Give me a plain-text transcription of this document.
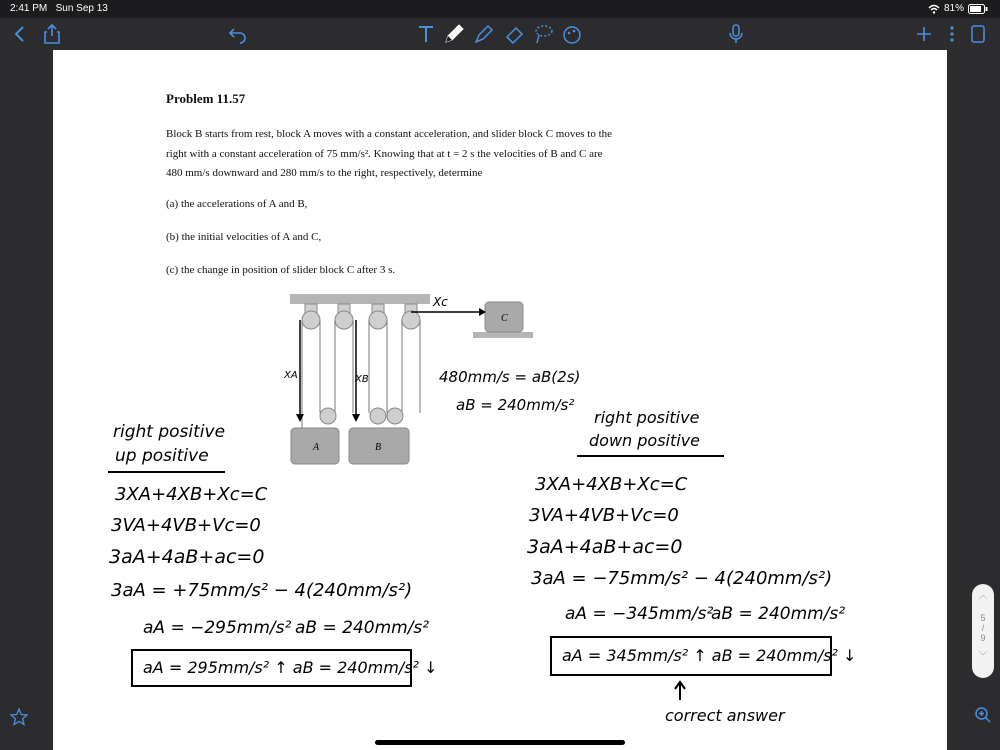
2:41 PM Sun Sep 13	81%
Problem 11.57
Block B starts from rest, block A moves with a constant acceleration, and slider block C moves to the
right with a constant acceleration of 75 mm/s². Knowing that at t = 2 s the velocities of B and C are
480 mm/s downward and 280 mm/s to the right, respectively, determine
(a) the accelerations of A and B,
(b) the initial velocities of A and C,
(c) the change in position of slider block C after 3 s.
Xc
XA	XB
A	B
C
480mm/s = aB(2s)
aB = 240mm/s²
right positive
up positive
3XA+4XB+Xc=C
3VA+4VB+Vc=0
3aA+4aB+ac=0
3aA = +75mm/s² − 4(240mm/s²)
aA = −295mm/s² aB = 240mm/s²
aA = 295mm/s² ↑ aB = 240mm/s² ↓
right positive
down positive
3XA+4XB+Xc=C
3VA+4VB+Vc=0
3aA+4aB+ac=0
3aA = −75mm/s² − 4(240mm/s²)
aA = −345mm/s²
aB = 240mm/s²
aA = 345mm/s² ↑ aB = 240mm/s² ↓
correct answer
︿
5
/
9
﹀
